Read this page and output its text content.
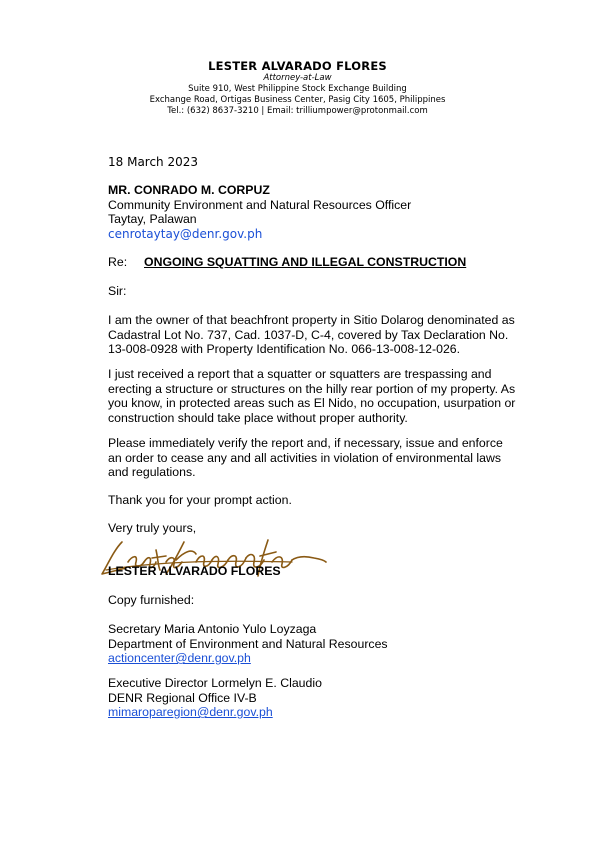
LESTER ALVARADO FLORES
Attorney-at-Law
Suite 910, West Philippine Stock Exchange Building
Exchange Road, Ortigas Business Center, Pasig City 1605, Philippines
Tel.: (632) 8637-3210 | Email: trilliumpower@protonmail.com
18 March 2023
MR. CONRADO M. CORPUZ
Community Environment and Natural Resources Officer
Taytay, Palawan
cenrotaytay@denr.gov.ph
Re: ONGOING SQUATTING AND ILLEGAL CONSTRUCTION
Sir:
I am the owner of that beachfront property in Sitio Dolarog denominated as
Cadastral Lot No. 737, Cad. 1037-D, C-4, covered by Tax Declaration No.
13-008-0928 with Property Identification No. 066-13-008-12-026.
I just received a report that a squatter or squatters are trespassing and
erecting a structure or structures on the hilly rear portion of my property. As
you know, in protected areas such as El Nido, no occupation, usurpation or
construction should take place without proper authority.
Please immediately verify the report and, if necessary, issue and enforce
an order to cease any and all activities in violation of environmental laws
and regulations.
Thank you for your prompt action.
Very truly yours,
LESTER ALVARADO FLORES
Copy furnished:
Secretary Maria Antonio Yulo Loyzaga
Department of Environment and Natural Resources
actioncenter@denr.gov.ph
Executive Director Lormelyn E. Claudio
DENR Regional Office IV-B
mimaroparegion@denr.gov.ph
